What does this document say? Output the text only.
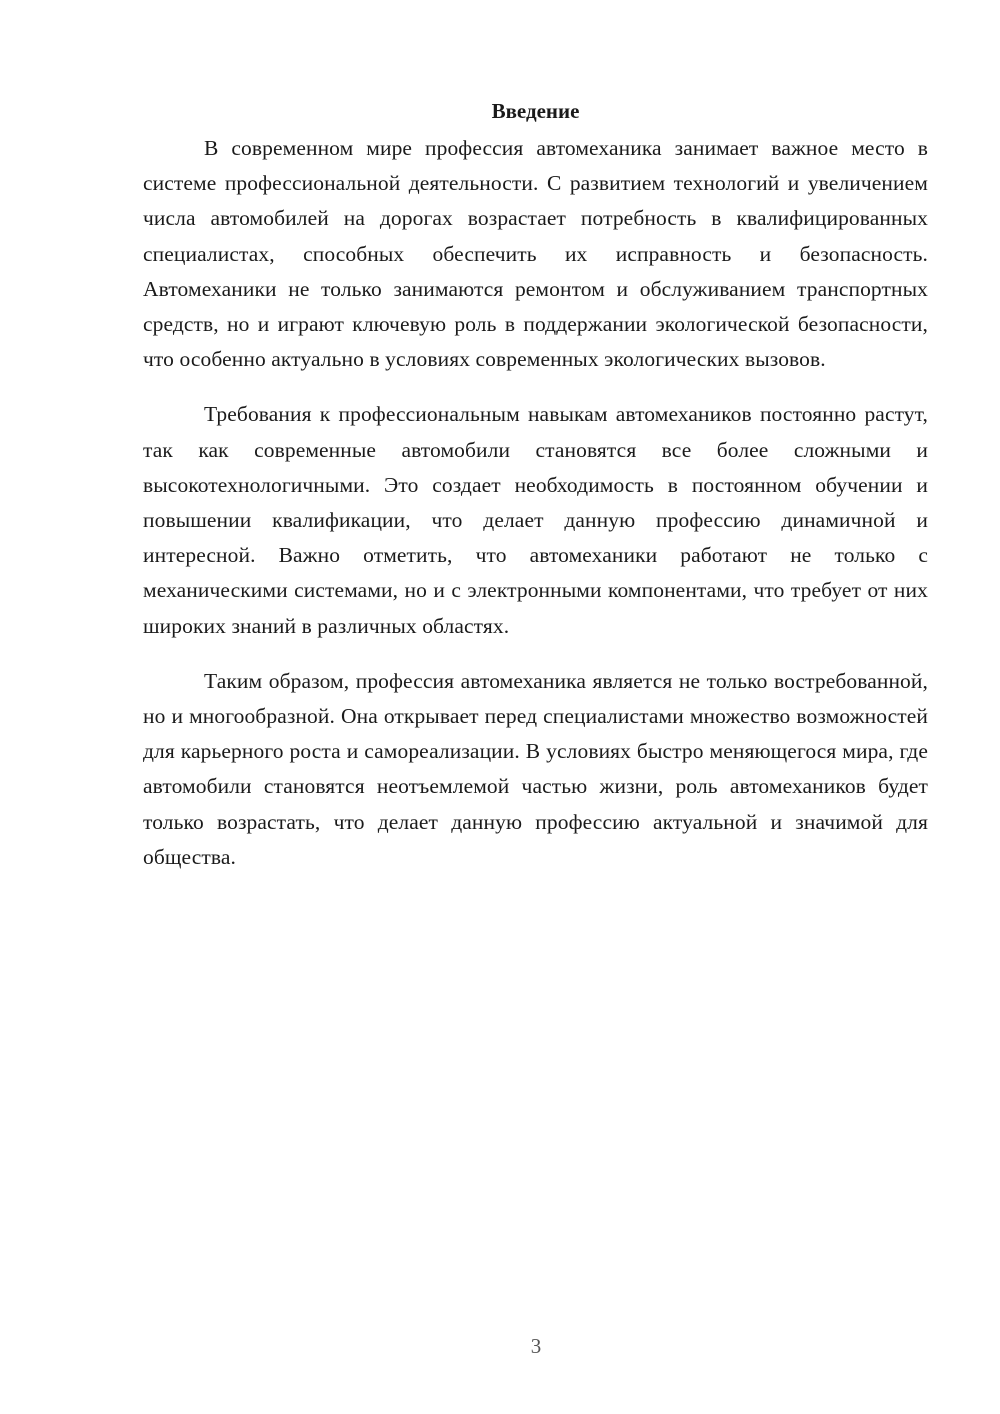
Введение

В современном мире профессия автомеханика занимает важное место в системе профессиональной деятельности. С развитием технологий и увеличением числа автомобилей на дорогах возрастает потребность в квалифицированных специалистах, способных обеспечить их исправность и безопасность. Автомеханики не только занимаются ремонтом и обслуживанием транспортных средств, но и играют ключевую роль в поддержании экологической безопасности, что особенно актуально в условиях современных экологических вызовов.

Требования к профессиональным навыкам автомехаников постоянно растут, так как современные автомобили становятся все более сложными и высокотехнологичными. Это создает необходимость в постоянном обучении и повышении квалификации, что делает данную профессию динамичной и интересной. Важно отметить, что автомеханики работают не только с механическими системами, но и с электронными компонентами, что требует от них широких знаний в различных областях.

Таким образом, профессия автомеханика является не только востребованной, но и многообразной. Она открывает перед специалистами множество возможностей для карьерного роста и самореализации. В условиях быстро меняющегося мира, где автомобили становятся неотъемлемой частью жизни, роль автомехаников будет только возрастать, что делает данную профессию актуальной и значимой для общества.

3
